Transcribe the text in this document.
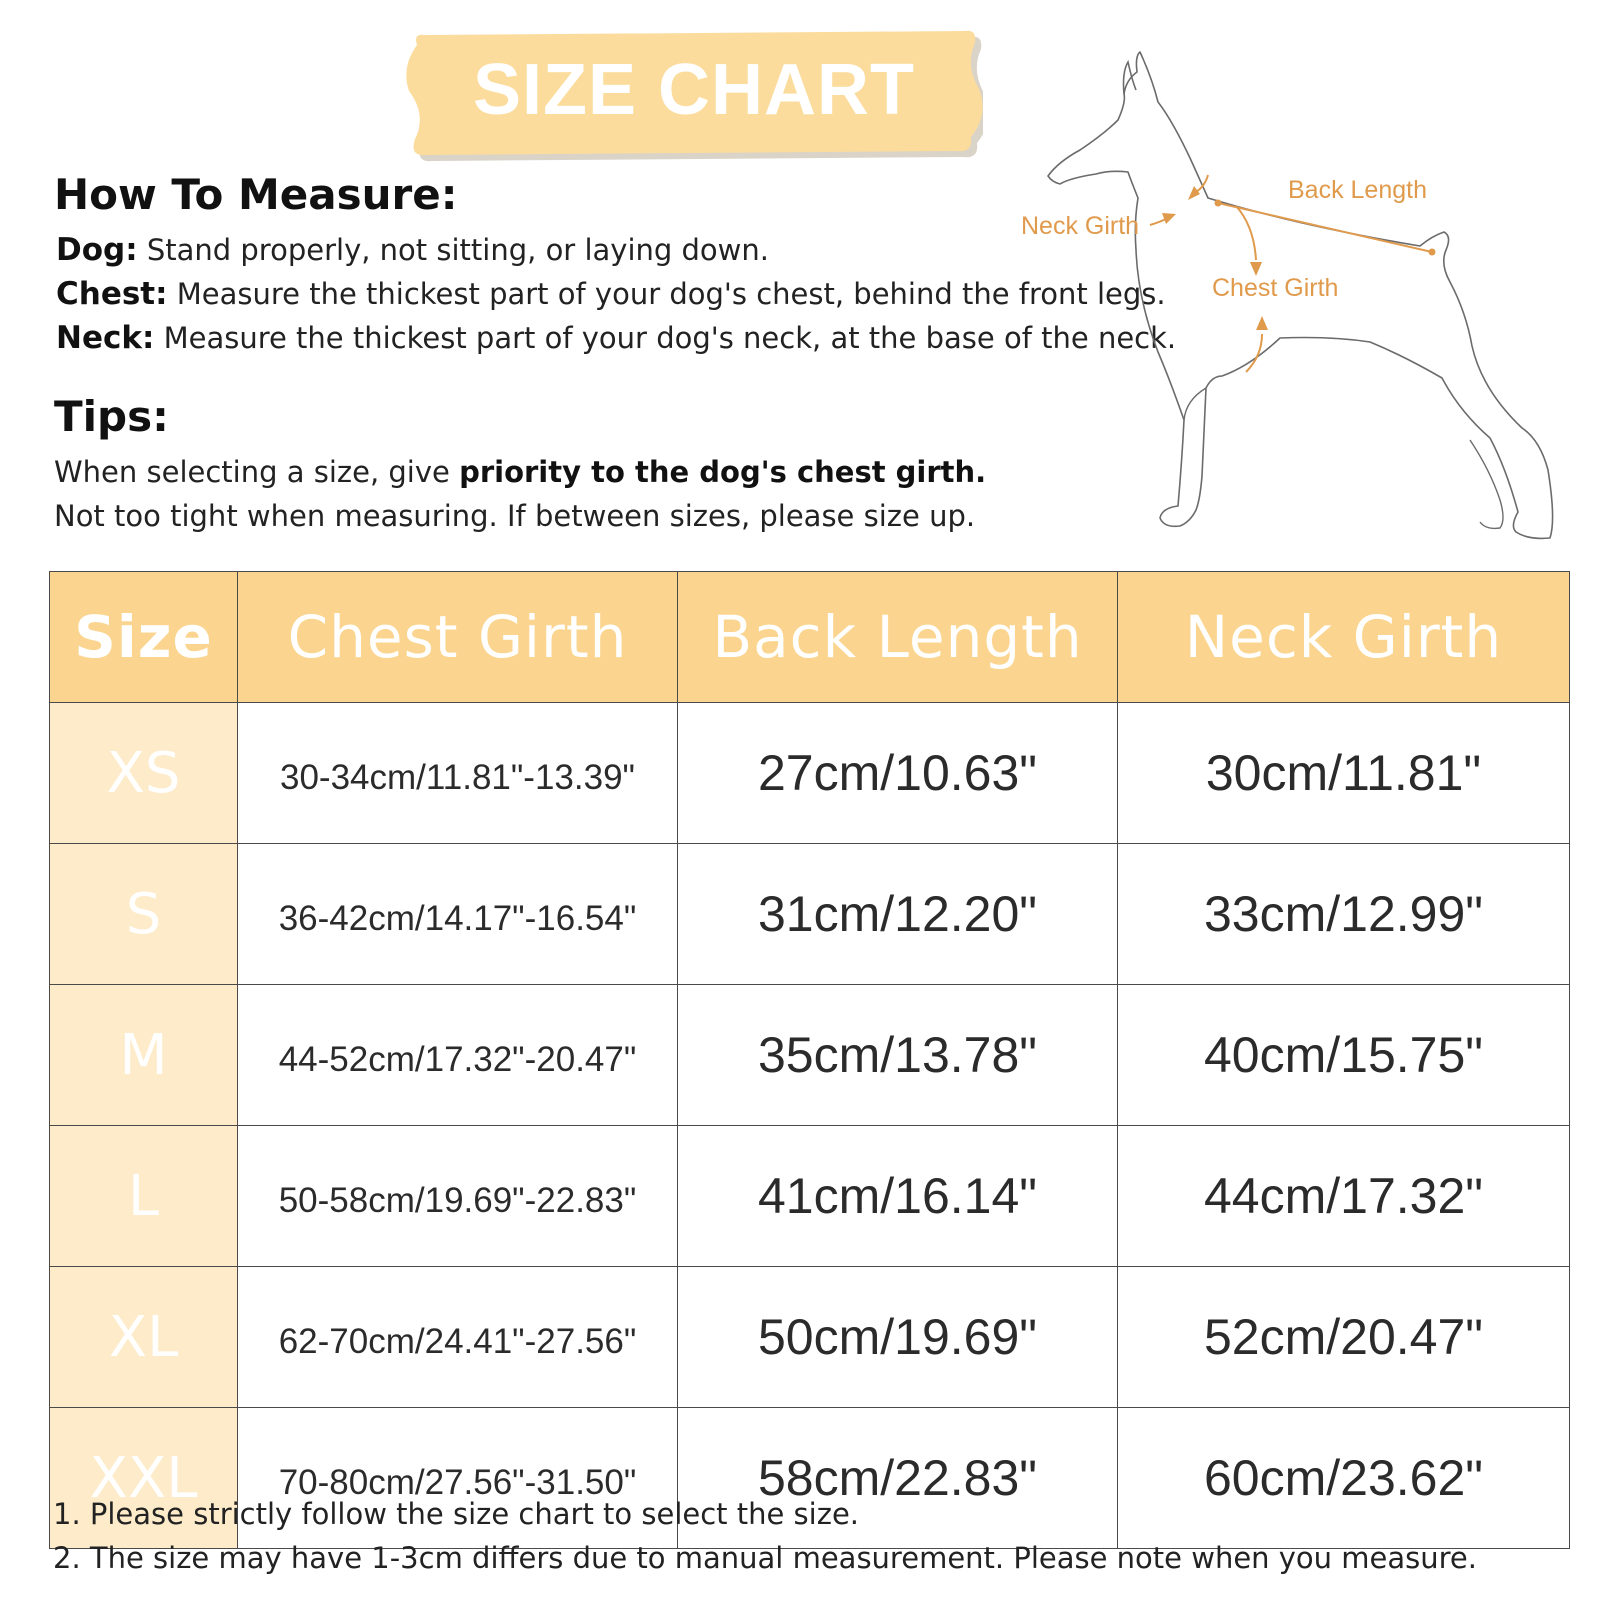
SIZE CHART
How To Measure:
Dog: Stand properly, not sitting, or laying down.
Chest: Measure the thickest part of your dog's chest, behind the front legs.
Neck: Measure the thickest part of your dog's neck, at the base of the neck.
Tips:
When selecting a size, give priority to the dog's chest girth.
Not too tight when measuring. If between sizes, please size up.
Back Length
Neck Girth
Chest Girth
Size	Chest Girth	Back Length	Neck Girth
XS	30-34cm/11.81"-13.39"	27cm/10.63"	30cm/11.81"
S	36-42cm/14.17"-16.54"	31cm/12.20"	33cm/12.99"
M	44-52cm/17.32"-20.47"	35cm/13.78"	40cm/15.75"
L	50-58cm/19.69"-22.83"	41cm/16.14"	44cm/17.32"
XL	62-70cm/24.41"-27.56"	50cm/19.69"	52cm/20.47"
XXL	70-80cm/27.56"-31.50"	58cm/22.83"	60cm/23.62"
1. Please strictly follow the size chart to select the size.
2. The size may have 1-3cm differs due to manual measurement. Please note when you measure.
